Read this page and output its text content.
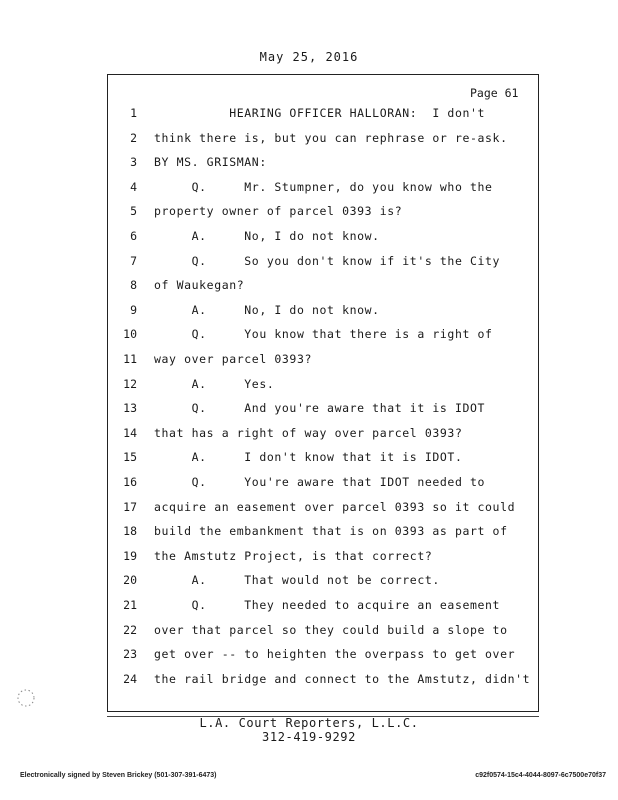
May 25, 2016
Page 61
1 HEARING OFFICER HALLORAN:  I don't
2 think there is, but you can rephrase or re-ask.
3 BY MS. GRISMAN:
4 Q.     Mr. Stumpner, do you know who the
5 property owner of parcel 0393 is?
6 A.     No, I do not know.
7 Q.     So you don't know if it's the City
8 of Waukegan?
9 A.     No, I do not know.
10 Q.     You know that there is a right of
11 way over parcel 0393?
12 A.     Yes.
13 Q.     And you're aware that it is IDOT
14 that has a right of way over parcel 0393?
15 A.     I don't know that it is IDOT.
16 Q.     You're aware that IDOT needed to
17 acquire an easement over parcel 0393 so it could
18 build the embankment that is on 0393 as part of
19 the Amstutz Project, is that correct?
20 A.     That would not be correct.
21 Q.     They needed to acquire an easement
22 over that parcel so they could build a slope to
23 get over -- to heighten the overpass to get over
24 the rail bridge and connect to the Amstutz, didn't
L.A. Court Reporters, L.L.C.
312-419-9292
Electronically signed by Steven Brickey (501-307-391-6473)	c92f0574-15c4-4044-8097-6c7500e70f37
